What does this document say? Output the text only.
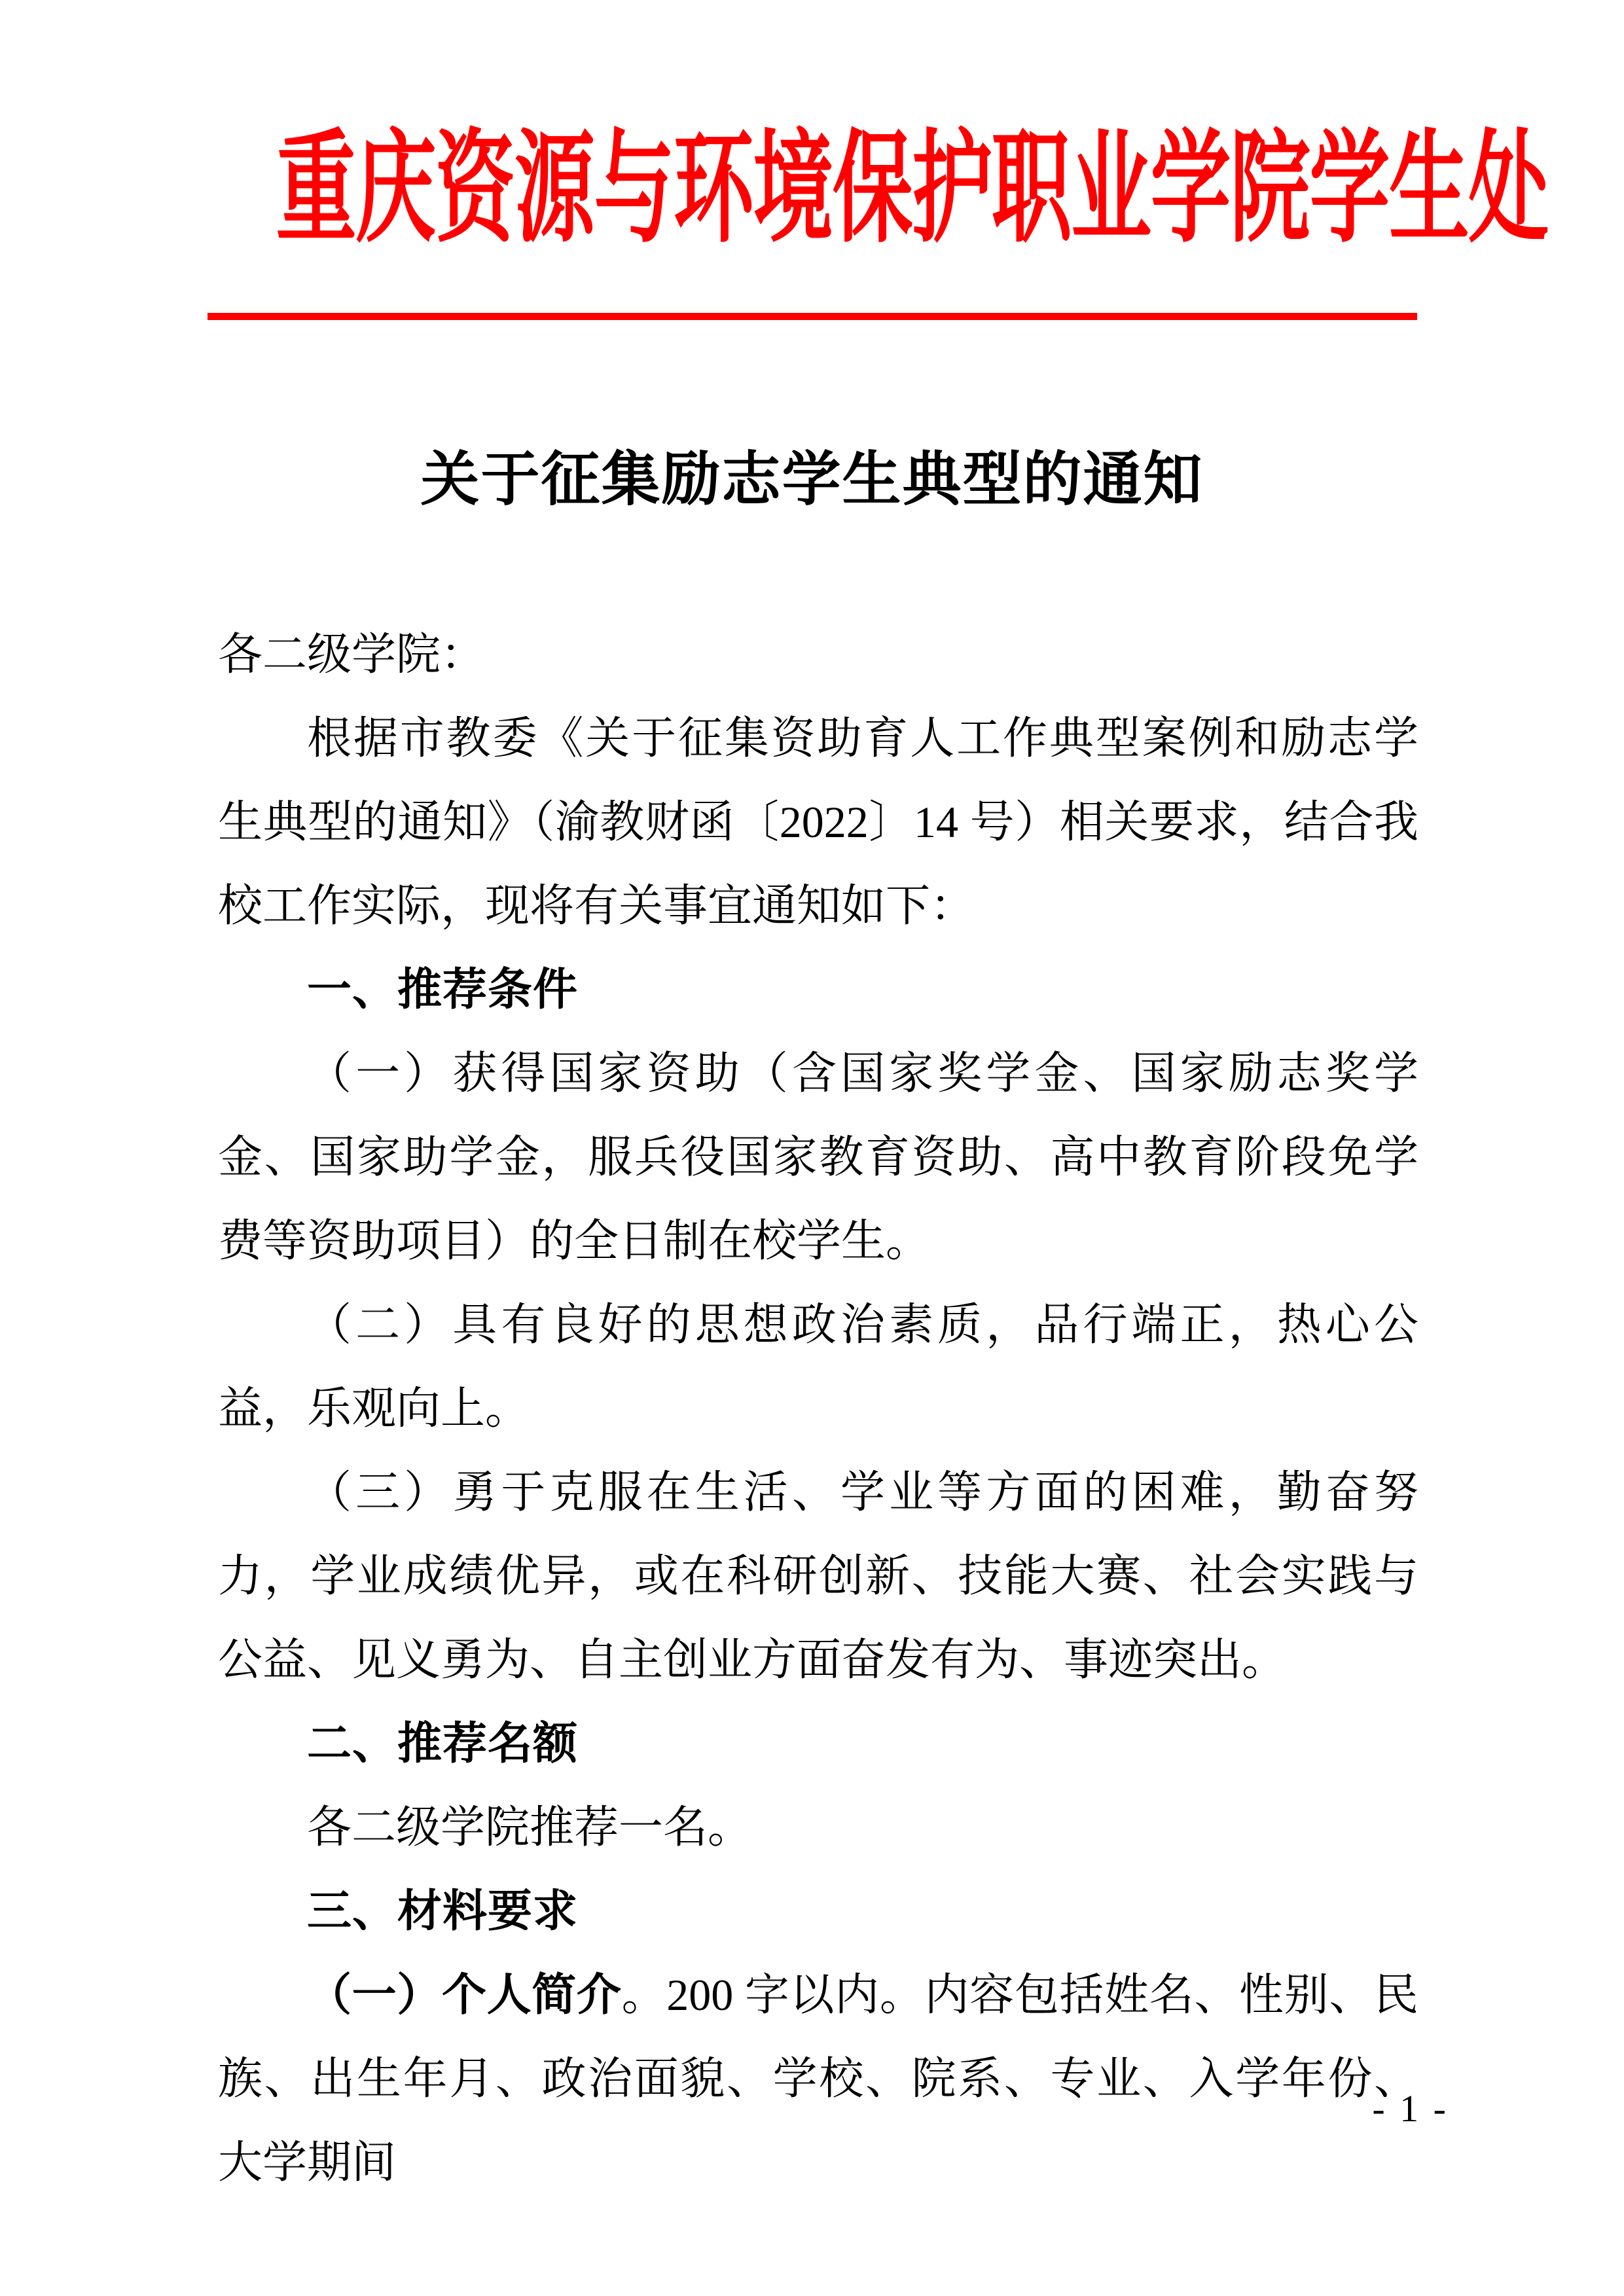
重庆资源与环境保护职业学院学生处
关于征集励志学生典型的通知

各二级学院：

根据市教委《关于征集资助育人工作典型案例和励志学生典型的通知》（渝教财函〔2022〕14 号）相关要求，结合我校工作实际，现将有关事宜通知如下：

一、推荐条件

（一）获得国家资助（含国家奖学金、国家励志奖学金、国家助学金，服兵役国家教育资助、高中教育阶段免学费等资助项目）的全日制在校学生。

（二）具有良好的思想政治素质，品行端正，热心公益，乐观向上。

（三）勇于克服在生活、学业等方面的困难，勤奋努力，学业成绩优异，或在科研创新、技能大赛、社会实践与公益、见义勇为、自主创业方面奋发有为、事迹突出。

二、推荐名额

各二级学院推荐一名。

三、材料要求

（一）个人简介。200 字以内。内容包括姓名、性别、民族、出生年月、政治面貌、学校、院系、专业、入学年份、大学期间

- 1 -
